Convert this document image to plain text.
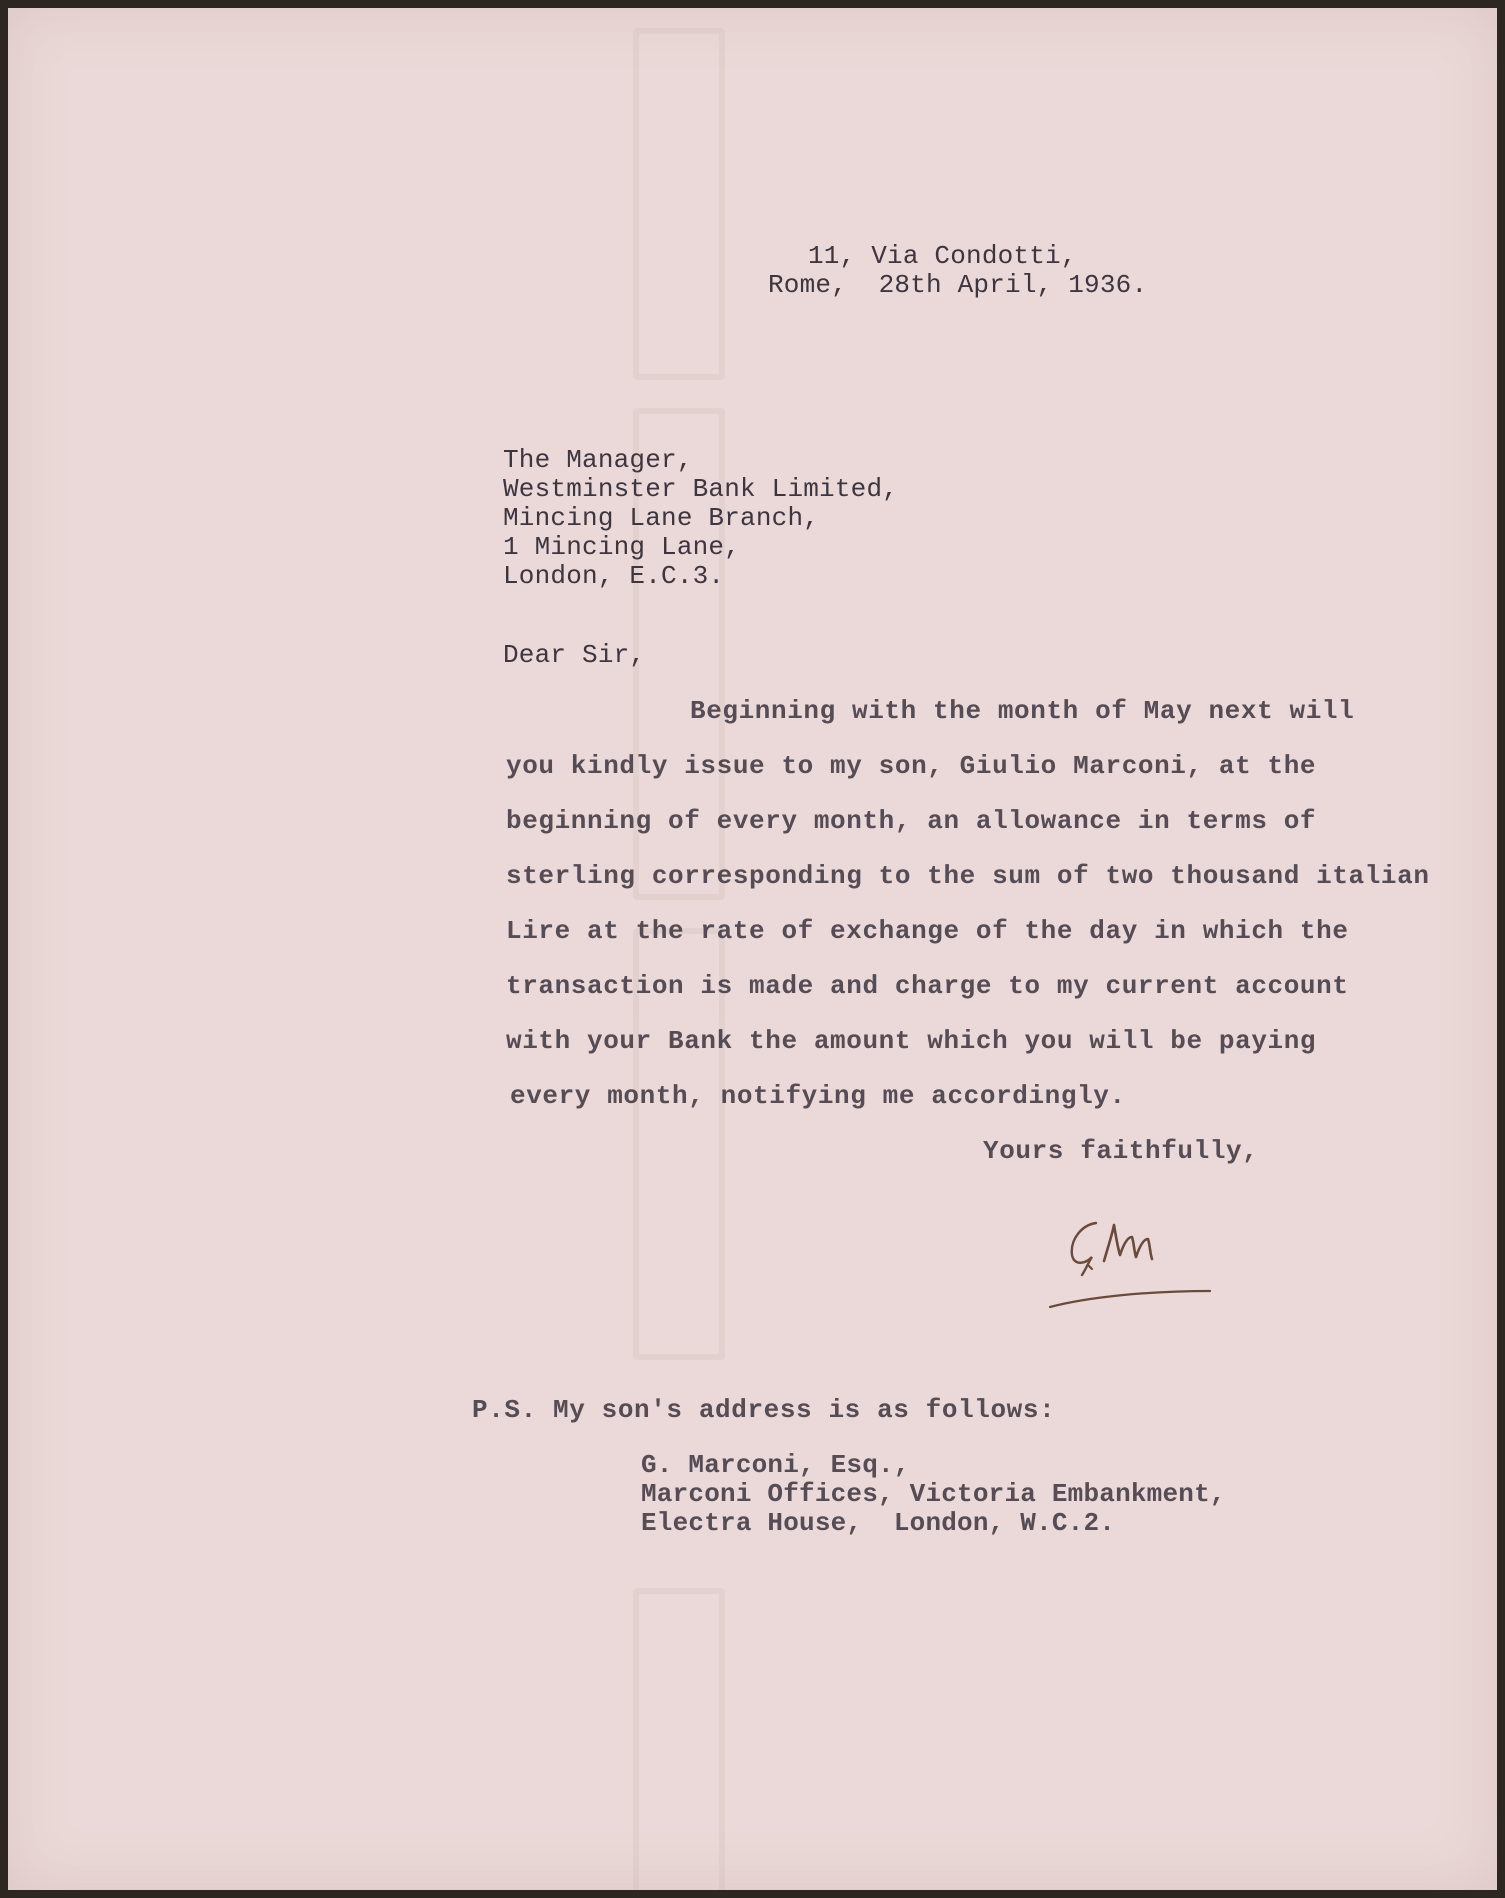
11, Via Condotti,

Rome,  28th April, 1936.

The Manager,

Westminster Bank Limited,

Mincing Lane Branch,

1 Mincing Lane,

London, E.C.3.

Dear Sir,

Beginning with the month of May next will

you kindly issue to my son, Giulio Marconi, at the

beginning of every month, an allowance in terms of

sterling corresponding to the sum of two thousand italian

Lire at the rate of exchange of the day in which the

transaction is made and charge to my current account

with your Bank the amount which you will be paying

every month, notifying me accordingly.

Yours faithfully,

P.S. My son's address is as follows:

G. Marconi, Esq.,

Marconi Offices, Victoria Embankment,

Electra House,  London, W.C.2.
